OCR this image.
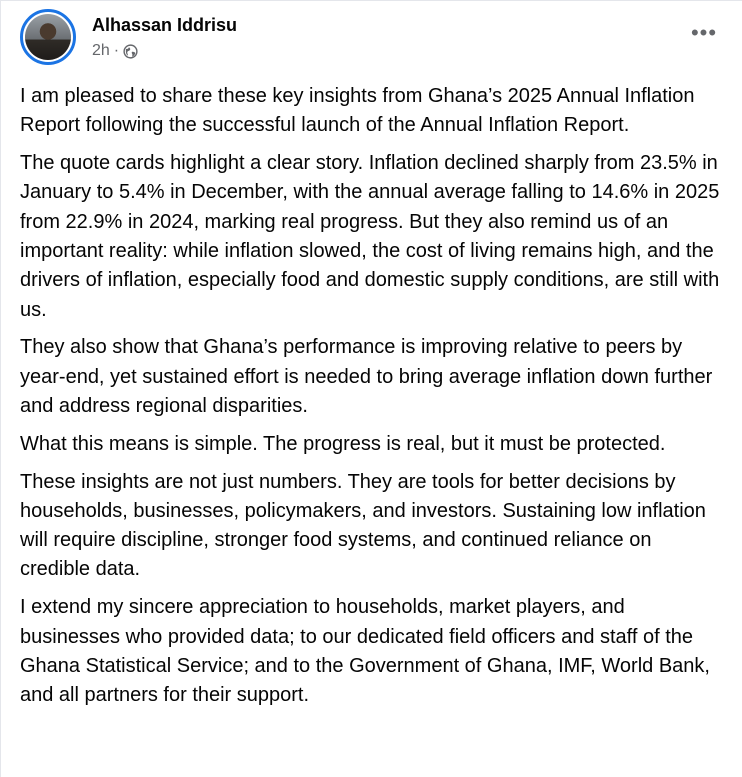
Alhassan Iddrisu
2h ·
•••

I am pleased to share these key insights from Ghana’s 2025 Annual Inflation Report following the successful launch of the Annual Inflation Report.

The quote cards highlight a clear story. Inflation declined sharply from 23.5% in January to 5.4% in December, with the annual average falling to 14.6% in 2025 from 22.9% in 2024, marking real progress. But they also remind us of an important reality: while inflation slowed, the cost of living remains high, and the drivers of inflation, especially food and domestic supply conditions, are still with us.

They also show that Ghana’s performance is improving relative to peers by year-end, yet sustained effort is needed to bring average inflation down further and address regional disparities.

What this means is simple. The progress is real, but it must be protected.

These insights are not just numbers. They are tools for better decisions by households, businesses, policymakers, and investors. Sustaining low inflation will require discipline, stronger food systems, and continued reliance on credible data.

I extend my sincere appreciation to households, market players, and businesses who provided data; to our dedicated field officers and staff of the Ghana Statistical Service; and to the Government of Ghana, IMF, World Bank, and all partners for their support.
